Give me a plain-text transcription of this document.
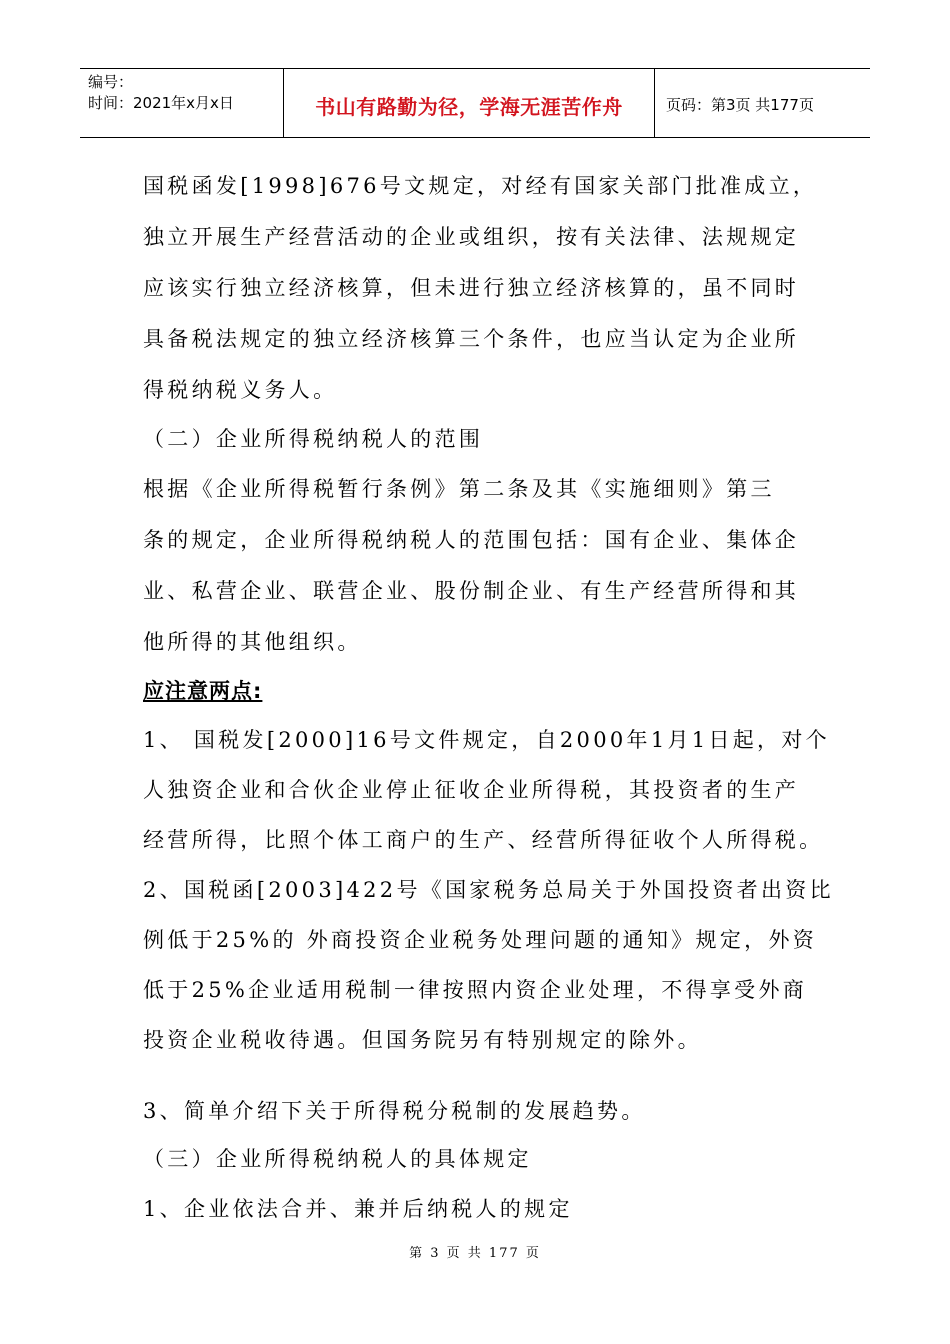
编号：
时间：2021年x月x日	书山有路勤为径，学海无涯苦作舟	页码：第3页 共177页
国税函发[1998]676号文规定，对经有国家关部门批准成立，
独立开展生产经营活动的企业或组织，按有关法律、法规规定
应该实行独立经济核算，但未进行独立经济核算的，虽不同时
具备税法规定的独立经济核算三个条件，也应当认定为企业所
得税纳税义务人。
（二）企业所得税纳税人的范围
根据《企业所得税暂行条例》第二条及其《实施细则》第三
条的规定，企业所得税纳税人的范围包括：国有企业、集体企
业、私营企业、联营企业、股份制企业、有生产经营所得和其
他所得的其他组织。
应注意两点:
1、 国税发[2000]16号文件规定，自2000年1月1日起，对个
人独资企业和合伙企业停止征收企业所得税，其投资者的生产
经营所得，比照个体工商户的生产、经营所得征收个人所得税。
2、国税函[2003]422号《国家税务总局关于外国投资者出资比
例低于25%的 外商投资企业税务处理问题的通知》规定，外资
低于25%企业适用税制一律按照内资企业处理，不得享受外商
投资企业税收待遇。但国务院另有特别规定的除外。
3、简单介绍下关于所得税分税制的发展趋势。
（三）企业所得税纳税人的具体规定
1、企业依法合并、兼并后纳税人的规定
第 3 页 共 177 页
